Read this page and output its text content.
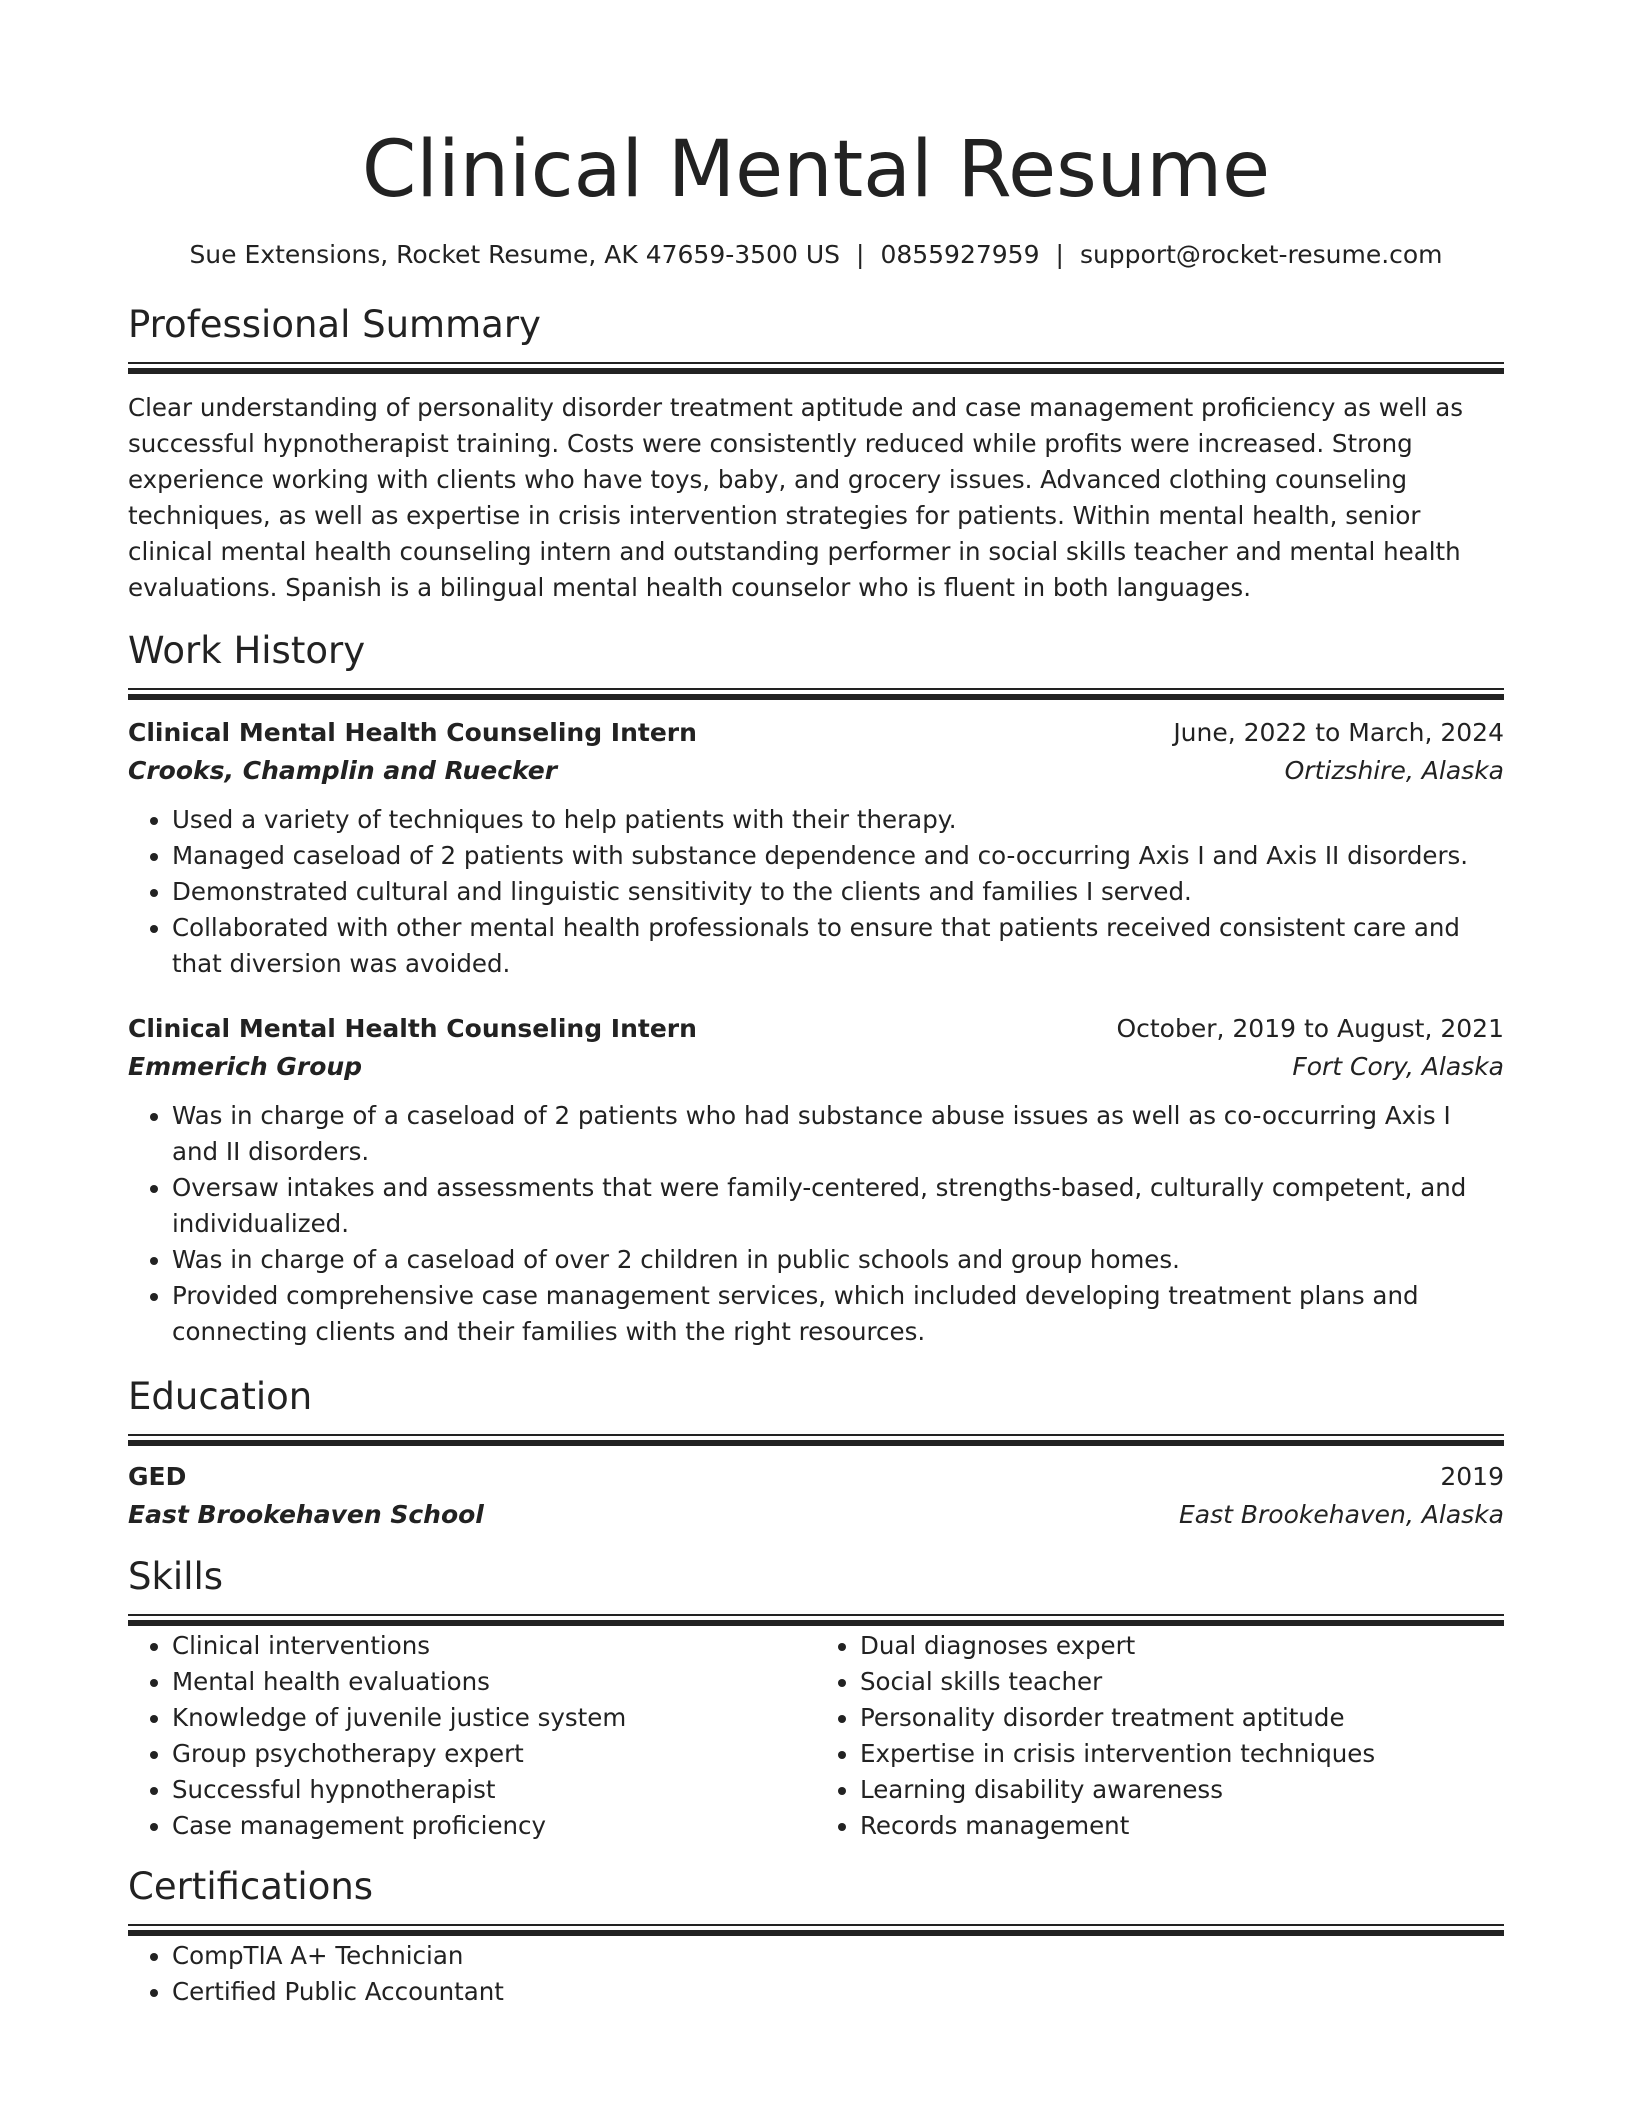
Clinical Mental Resume
Sue Extensions, Rocket Resume, AK 47659-3500 US | 0855927959 | support@rocket-resume.com
Professional Summary

Clear understanding of personality disorder treatment aptitude and case management proficiency as well as successful hypnotherapist training. Costs were consistently reduced while profits were increased. Strong experience working with clients who have toys, baby, and grocery issues. Advanced clothing counseling techniques, as well as expertise in crisis intervention strategies for patients. Within mental health, senior clinical mental health counseling intern and outstanding performer in social skills teacher and mental health evaluations. Spanish is a bilingual mental health counselor who is fluent in both languages.

Work History
Clinical Mental Health Counseling Intern	June, 2022 to March, 2024
Crooks, Champlin and Ruecker	Ortizshire, Alaska
• Used a variety of techniques to help patients with their therapy.
• Managed caseload of 2 patients with substance dependence and co-occurring Axis I and Axis II disorders.
• Demonstrated cultural and linguistic sensitivity to the clients and families I served.
• Collaborated with other mental health professionals to ensure that patients received consistent care and that diversion was avoided.
Clinical Mental Health Counseling Intern	October, 2019 to August, 2021
Emmerich Group	Fort Cory, Alaska
• Was in charge of a caseload of 2 patients who had substance abuse issues as well as co-occurring Axis I and II disorders.
• Oversaw intakes and assessments that were family-centered, strengths-based, culturally competent, and individualized.
• Was in charge of a caseload of over 2 children in public schools and group homes.
• Provided comprehensive case management services, which included developing treatment plans and connecting clients and their families with the right resources.
Education
GED	2019
East Brookehaven School	East Brookehaven, Alaska
Skills
• Clinical interventions
• Mental health evaluations
• Knowledge of juvenile justice system
• Group psychotherapy expert
• Successful hypnotherapist
• Case management proficiency
• Dual diagnoses expert
• Social skills teacher
• Personality disorder treatment aptitude
• Expertise in crisis intervention techniques
• Learning disability awareness
• Records management
Certifications
• CompTIA A+ Technician
• Certified Public Accountant
